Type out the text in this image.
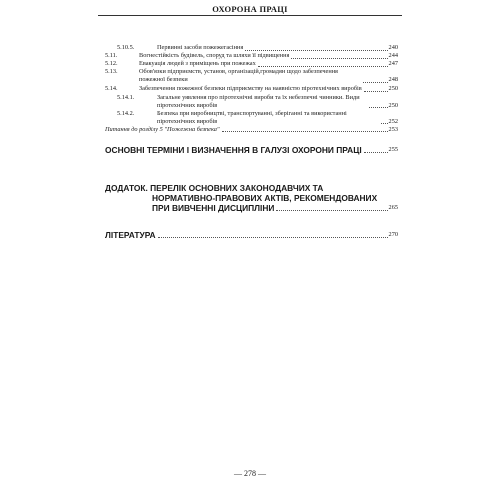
ОХОРОНА ПРАЦІ
5.10.5.	Первинні засоби пожежегасіння	240
5.11.	Вогнестійкість будівель, споруд та шляхи її підвищення	244
5.12.	Евакуація людей з приміщень при пожежах	247
5.13.	Обов'язки підприємств, установ, організацій,громадян щодо забезпечення пожежної безпеки	248
5.14.	Забезпечення пожежної безпеки підприємству на наявністю піротехнічних виробів	250
5.14.1.	Загальне уявлення про піротехнічні вироби та їх небезпечні чинники. Види піротехнічних виробів	250
5.14.2.	Безпека при виробництві, транспортуванні, зберіганні та використанні піротехнічних виробів	252
Питання до розділу 5 "Пожежна безпека"	253
ОСНОВНІ ТЕРМІНИ І ВИЗНАЧЕННЯ В ГАЛУЗІ ОХОРОНИ ПРАЦІ	255
ДОДАТОК. ПЕРЕЛІК ОСНОВНИХ ЗАКОНОДАВЧИХ ТА
НОРМАТИВНО-ПРАВОВИХ АКТІВ, РЕКОМЕНДОВАНИХ
ПРИ ВИВЧЕННІ ДИСЦИПЛІНИ	265
ЛІТЕРАТУРА	270
— 278 —
